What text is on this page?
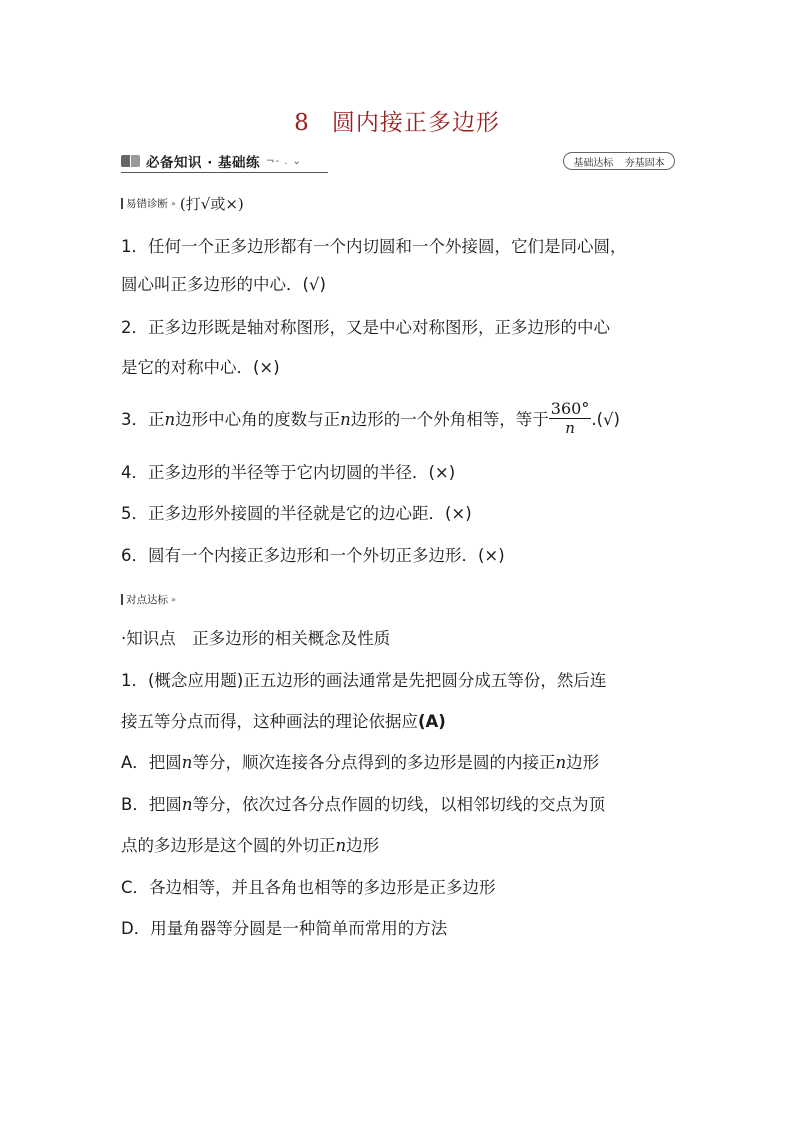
8 圆内接正多边形
必备知识 · 基础练 ¬- . ⌄	基础达标 夯基固本
易错诊断 » (打√或×)
1．任何一个正多边形都有一个内切圆和一个外接圆，它们是同心圆，
圆心叫正多边形的中心．(√)
2．正多边形既是轴对称图形，又是中心对称图形，正多边形的中心
是它的对称中心．(×)
3．正n边形中心角的度数与正n边形的一个外角相等，等于 $\frac{360^\circ}{n}$ .(√)
4．正多边形的半径等于它内切圆的半径．(×)
5．正多边形外接圆的半径就是它的边心距．(×)
6．圆有一个内接正多边形和一个外切正多边形．(×)
对点达标 »
·知识点　正多边形的相关概念及性质
1．(概念应用题)正五边形的画法通常是先把圆分成五等份，然后连
接五等分点而得，这种画法的理论依据应(A)
A．把圆n等分，顺次连接各分点得到的多边形是圆的内接正n边形
B．把圆n等分，依次过各分点作圆的切线，以相邻切线的交点为顶
点的多边形是这个圆的外切正n边形
C．各边相等，并且各角也相等的多边形是正多边形
D．用量角器等分圆是一种简单而常用的方法
